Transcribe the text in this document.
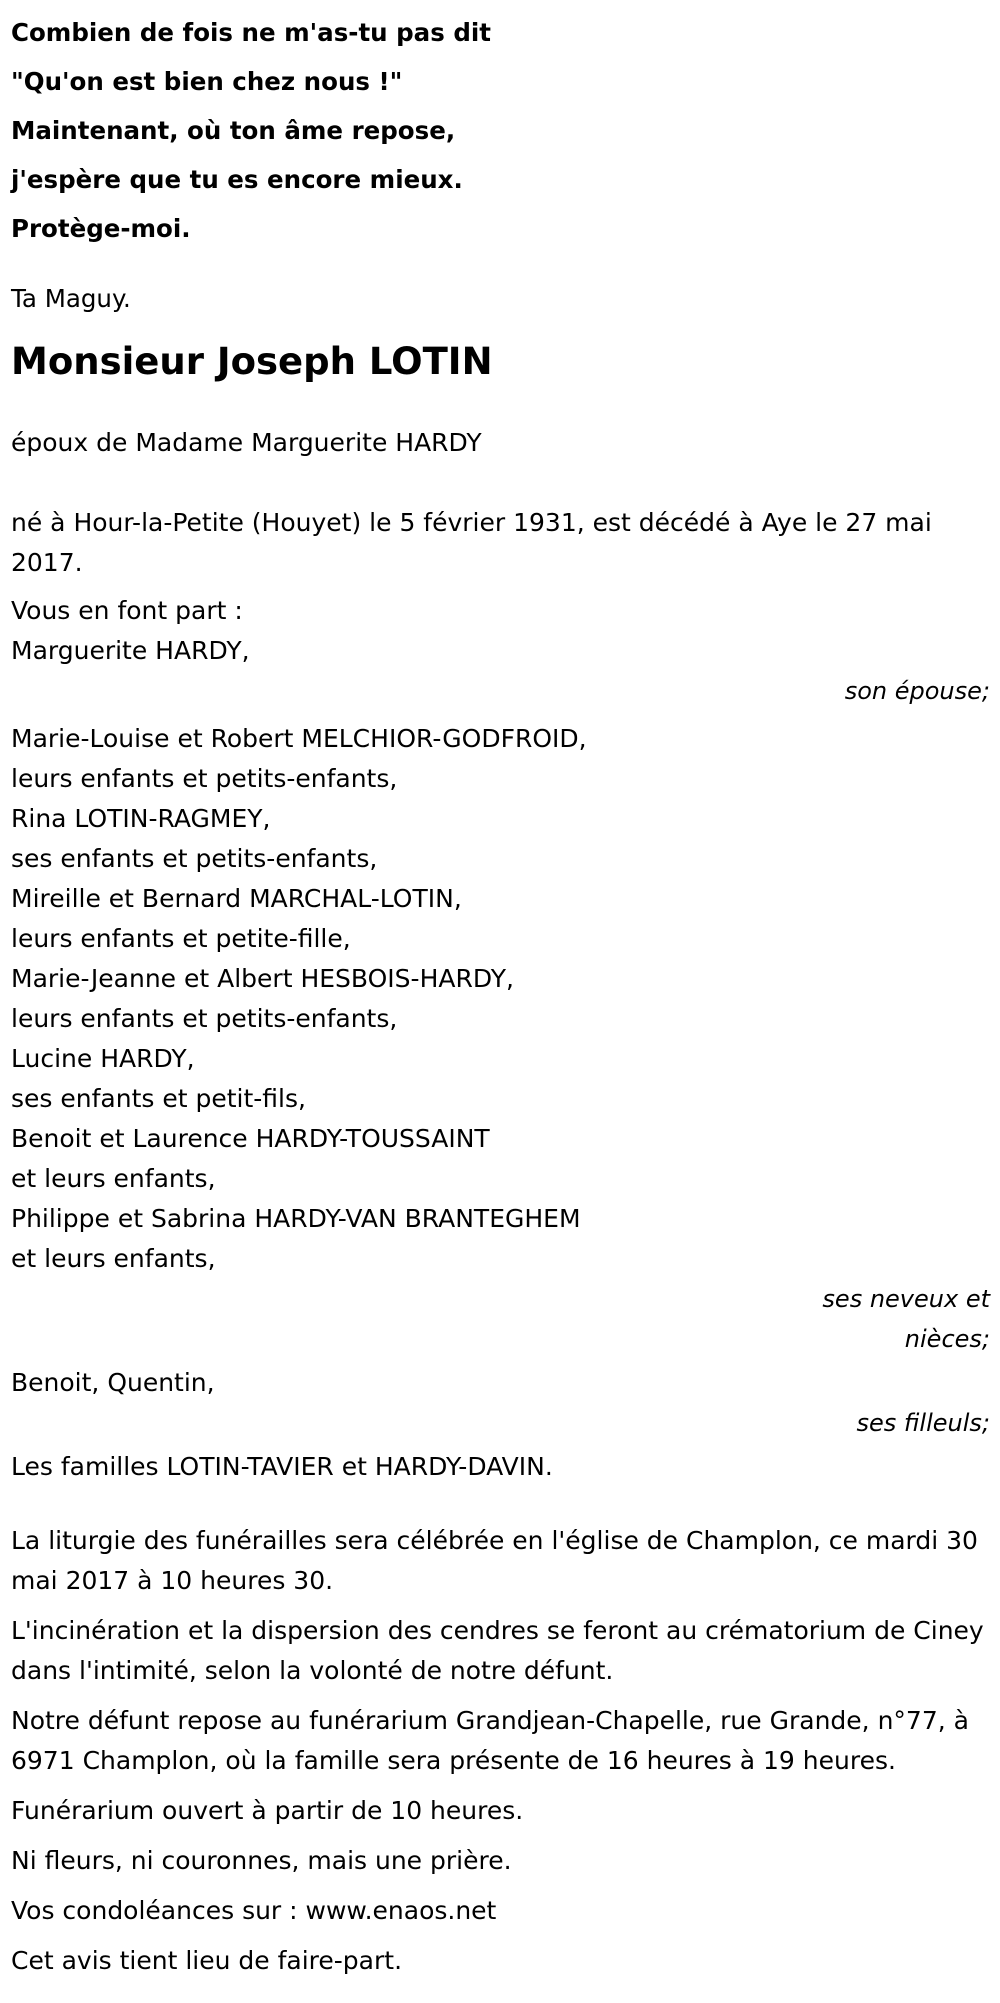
Combien de fois ne m'as-tu pas dit

"Qu'on est bien chez nous !"

Maintenant, où ton âme repose,

j'espère que tu es encore mieux.

Protège-moi.

Ta Maguy.
Monsieur Joseph LOTIN
époux de Madame Marguerite HARDY
né à Hour-la-Petite (Houyet) le 5 février 1931, est décédé à Aye le 27 mai 2017.
Vous en font part :
Marguerite HARDY,
son épouse;
Marie-Louise et Robert MELCHIOR-GODFROID,
leurs enfants et petits-enfants,
Rina LOTIN-RAGMEY,
ses enfants et petits-enfants,
Mireille et Bernard MARCHAL-LOTIN,
leurs enfants et petite-fille,
Marie-Jeanne et Albert HESBOIS-HARDY,
leurs enfants et petits-enfants,
Lucine HARDY,
ses enfants et petit-fils,
Benoit et Laurence HARDY-TOUSSAINT
et leurs enfants,
Philippe et Sabrina HARDY-VAN BRANTEGHEM
et leurs enfants,
ses neveux et nièces;
Benoit, Quentin,
ses filleuls;
Les familles LOTIN-TAVIER et HARDY-DAVIN.
La liturgie des funérailles sera célébrée en l'église de Champlon, ce mardi 30 mai 2017 à 10 heures 30.
L'incinération et la dispersion des cendres se feront au crématorium de Ciney dans l'intimité, selon la volonté de notre défunt.
Notre défunt repose au funérarium Grandjean-Chapelle, rue Grande, n°77, à 6971 Champlon, où la famille sera présente de 16 heures à 19 heures.
Funérarium ouvert à partir de 10 heures.
Ni fleurs, ni couronnes, mais une prière.
Vos condoléances sur : www.enaos.net
Cet avis tient lieu de faire-part.
